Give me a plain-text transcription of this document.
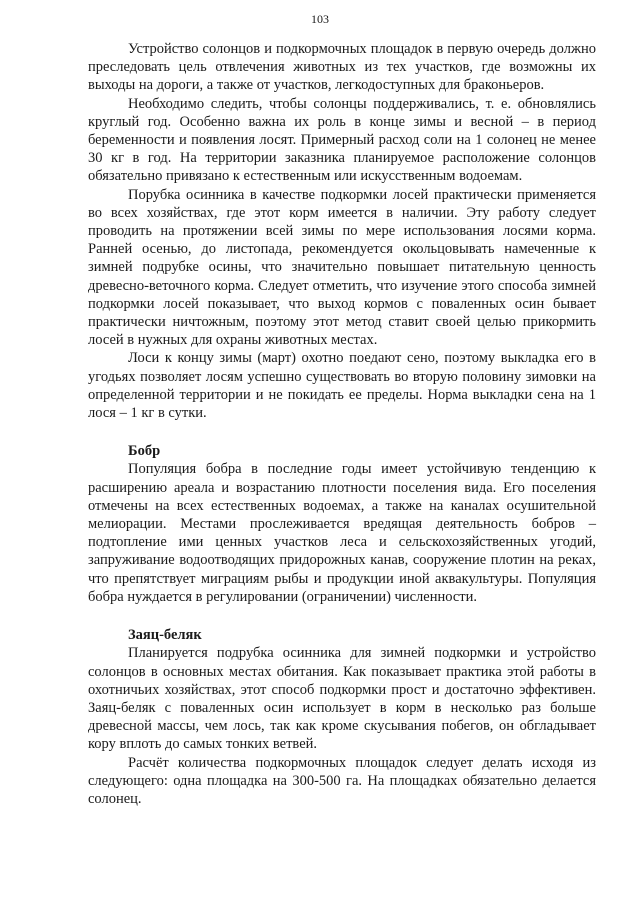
103

Устройство солонцов и подкормочных площадок в первую очередь должно преследовать цель отвлечения животных из тех участков, где возможны их выходы на дороги, а также от участков, легкодоступных для браконьеров.

Необходимо следить, чтобы солонцы поддерживались, т. е. обновлялись круглый год. Особенно важна их роль в конце зимы и весной – в период беременности и появления лосят. Примерный расход соли на 1 солонец не менее 30 кг в год. На территории заказника планируемое расположение солонцов обязательно привязано к естественным или искусственным водоемам.

Порубка осинника в качестве подкормки лосей практически применяется во всех хозяйствах, где этот корм имеется в наличии. Эту работу следует проводить на протяжении всей зимы по мере использования лосями корма. Ранней осенью, до листопада, рекомендуется окольцовывать намеченные к зимней подрубке осины, что значительно повышает питательную ценность древесно-веточного корма. Следует отметить, что изучение этого способа зимней подкормки лосей показывает, что выход кормов с поваленных осин бывает практически ничтожным, поэтому этот метод ставит своей целью прикормить лосей в нужных для охраны животных местах.

Лоси к концу зимы (март) охотно поедают сено, поэтому выкладка его в угодьях позволяет лосям успешно существовать во вторую половину зимовки на определенной территории и не покидать ее пределы. Норма выкладки сена на 1 лося – 1 кг в сутки.

Бобр

Популяция бобра в последние годы имеет устойчивую тенденцию к расширению ареала и возрастанию плотности поселения вида. Его поселения отмечены на всех естественных водоемах, а также на каналах осушительной мелиорации. Местами прослеживается вредящая деятельность бобров – подтопление ими ценных участков леса и сельскохозяйственных угодий, запруживание водоотводящих придорожных канав, сооружение плотин на реках, что препятствует миграциям рыбы и продукции иной аквакультуры. Популяция бобра нуждается в регулировании (ограничении) численности.

Заяц-беляк

Планируется подрубка осинника для зимней подкормки и устройство солонцов в основных местах обитания. Как показывает практика этой работы в охотничьих хозяйствах, этот способ подкормки прост и достаточно эффективен. Заяц-беляк с поваленных осин использует в корм в несколько раз больше древесной массы, чем лось, так как кроме скусывания побегов, он обгладывает кору вплоть до самых тонких ветвей.

Расчёт количества подкормочных площадок следует делать исходя из следующего: одна площадка на 300-500 га. На площадках обязательно делается солонец.
